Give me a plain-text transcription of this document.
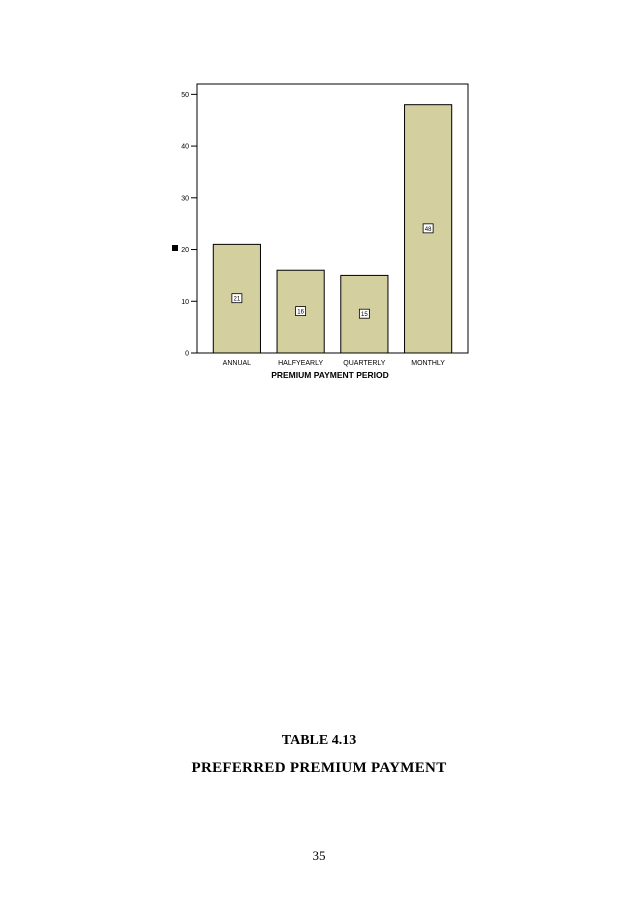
0
10
20
30
40
50
21
16	15
48
ANNUAL	HALFYEARLY	QUARTERLY	MONTHLY
PREMIUM PAYMENT PERIOD
TABLE 4.13
PREFERRED PREMIUM PAYMENT
35
